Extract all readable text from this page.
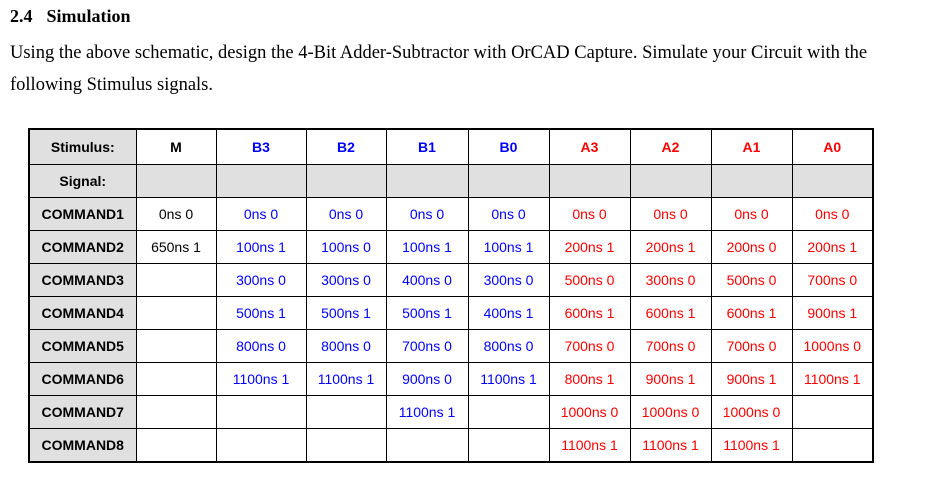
2.4 Simulation
Using the above schematic, design the 4-Bit Adder-Subtractor with OrCAD Capture. Simulate your Circuit with the following Stimulus signals.
Stimulus:	M	B3	B2	B1	B0	A3	A2	A1	A0
Signal:									
COMMAND1	0ns 0	0ns 0	0ns 0	0ns 0	0ns 0	0ns 0	0ns 0	0ns 0	0ns 0
COMMAND2	650ns 1	100ns 1	100ns 0	100ns 1	100ns 1	200ns 1	200ns 1	200ns 0	200ns 1
COMMAND3		300ns 0	300ns 0	400ns 0	300ns 0	500ns 0	300ns 0	500ns 0	700ns 0
COMMAND4		500ns 1	500ns 1	500ns 1	400ns 1	600ns 1	600ns 1	600ns 1	900ns 1
COMMAND5		800ns 0	800ns 0	700ns 0	800ns 0	700ns 0	700ns 0	700ns 0	1000ns 0
COMMAND6		1100ns 1	1100ns 1	900ns 0	1100ns 1	800ns 1	900ns 1	900ns 1	1100ns 1
COMMAND7				1100ns 1		1000ns 0	1000ns 0	1000ns 0	
COMMAND8						1100ns 1	1100ns 1	1100ns 1	
